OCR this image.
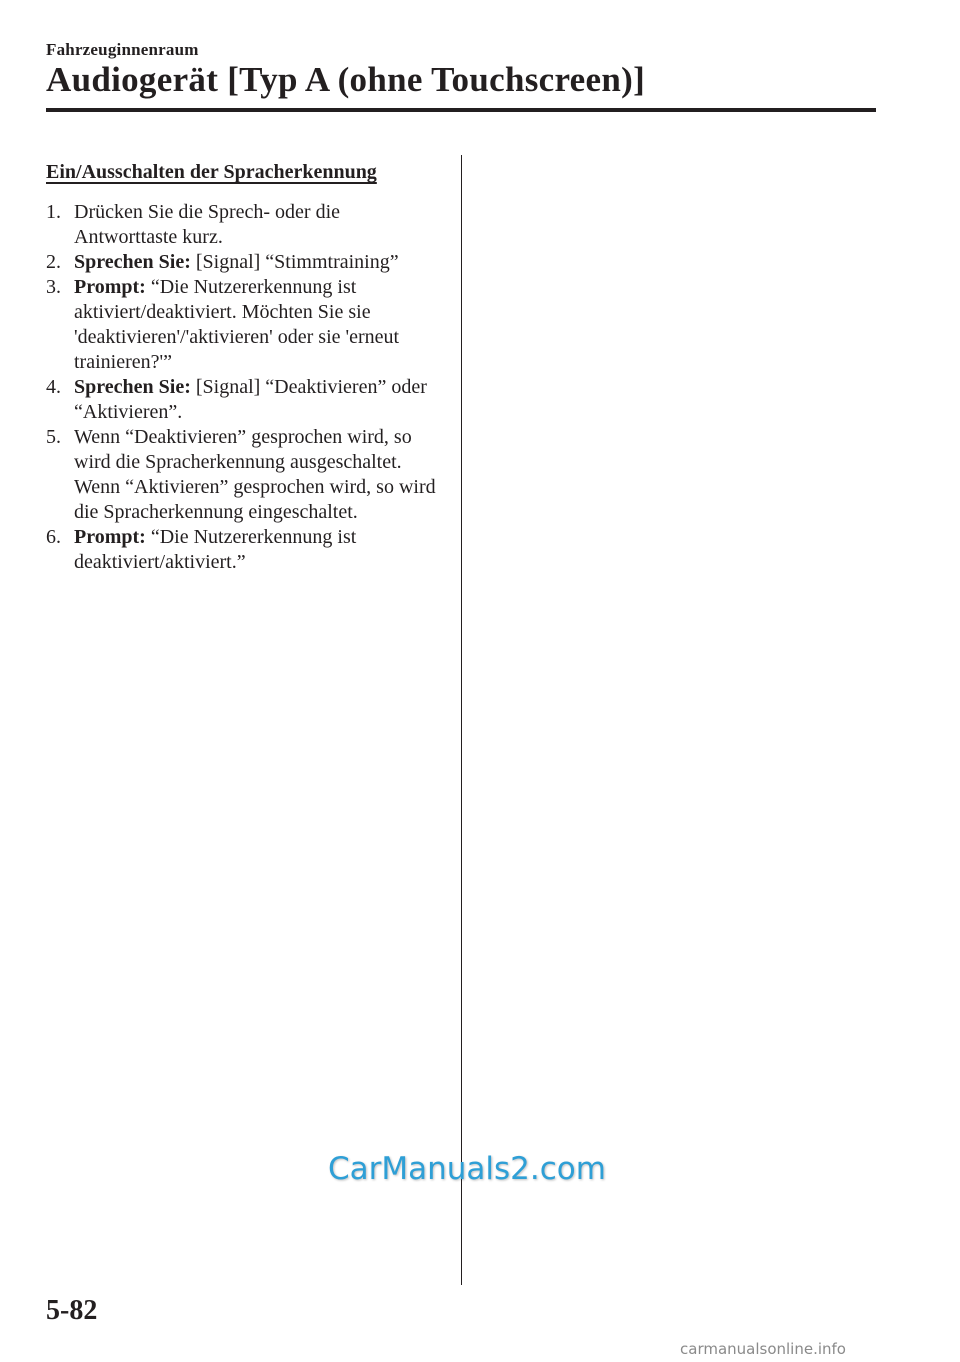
Fahrzeuginnenraum
Audiogerät [Typ A (ohne Touchscreen)]
Ein/Ausschalten der Spracherkennung
1. Drücken Sie die Sprech- oder die Antworttaste kurz.
2. Sprechen Sie: [Signal] “Stimmtraining”
3. Prompt: “Die Nutzererkennung ist aktiviert/deaktiviert. Möchten Sie sie 'deaktivieren'/'aktivieren' oder sie 'erneut trainieren?'”
4. Sprechen Sie: [Signal] “Deaktivieren” oder “Aktivieren”.
5. Wenn “Deaktivieren” gesprochen wird, so wird die Spracherkennung ausgeschaltet.
Wenn “Aktivieren” gesprochen wird, so wird die Spracherkennung eingeschaltet.
6. Prompt: “Die Nutzererkennung ist deaktiviert/aktiviert.”
CarManuals2.com
5-82
carmanualsonline.info
